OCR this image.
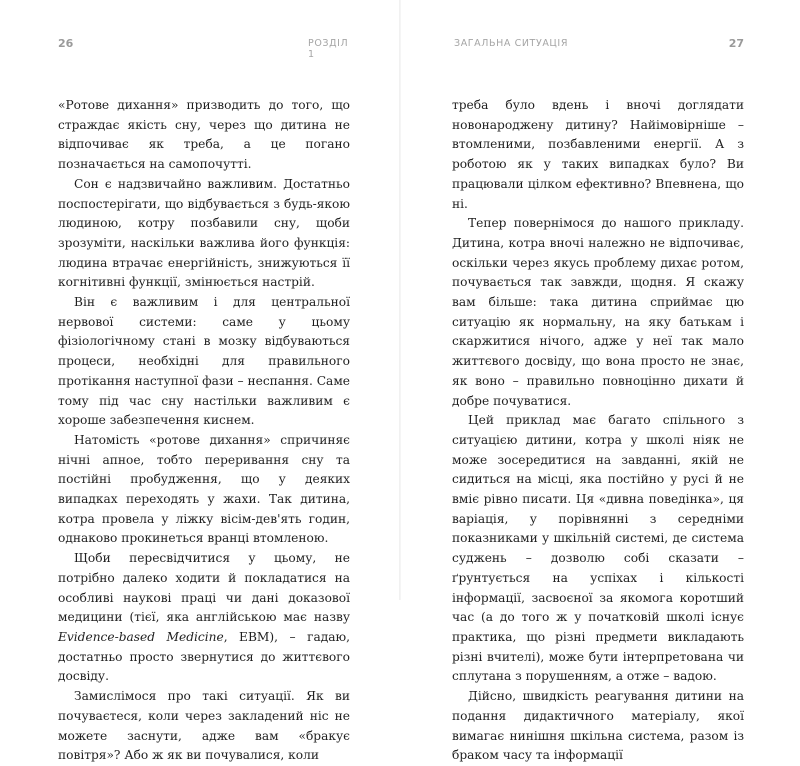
26	РОЗДІЛ 1

«Ротове дихання» призводить до того, що страждає якість сну, через що дитина не відпочиває як треба, а це погано позначається на самопочутті.

Сон є надзвичайно важливим. Достатньо поспостерігати, що відбувається з будь-якою людиною, котру позбавили сну, щоби зрозуміти, наскільки важлива його функція: людина втрачає енергійність, знижуються її когнітивні функції, змінюється настрій.

Він є важливим і для центральної нервової системи: саме у цьому фізіологічному стані в мозку відбуваються процеси, необхідні для правильного протікання наступної фази – неспання. Саме тому під час сну настільки важливим є хороше забезпечення киснем.

Натомість «ротове дихання» спричиняє нічні апное, тобто переривання сну та постійні пробудження, що у деяких випадках переходять у жахи. Так дитина, котра провела у ліжку вісім-дев'ять годин, однаково прокинеться вранці втомленою.

Щоби пересвідчитися у цьому, не потрібно далеко ходити й покладатися на особливі наукові праці чи дані доказової медицини (тієї, яка англійською має назву Evidence-based Medicine, EBM), – гадаю, достатньо просто звернутися до життєвого досвіду.

Замислімося про такі ситуації. Як ви почуваєтеся, коли через закладений ніс не можете заснути, адже вам «бракує повітря»? Або ж як ви почувалися, коли

ЗАГАЛЬНА СИТУАЦІЯ	27

треба було вдень і вночі доглядати новонароджену дитину? Найімовірніше – втомленими, позбавленими енергії. А з роботою як у таких випадках було? Ви працювали цілком ефективно? Впевнена, що ні.

Тепер повернімося до нашого прикладу. Дитина, котра вночі належно не відпочиває, оскільки через якусь проблему дихає ротом, почувається так завжди, щодня. Я скажу вам більше: така дитина сприймає цю ситуацію як нормальну, на яку батькам і скаржитися нічого, адже у неї так мало життєвого досвіду, що вона просто не знає, як воно – правильно повноцінно дихати й добре почуватися.

Цей приклад має багато спільного з ситуацією дитини, котра у школі ніяк не може зосередитися на завданні, якій не сидиться на місці, яка постійно у русі й не вміє рівно писати. Ця «дивна поведінка», ця варіація, у порівнянні з середніми показниками у шкільній системі, де система суджень – дозволю собі сказати – ґрунтується на успіхах і кількості інформації, засвоєної за якомога коротший час (а до того ж у початковій школі існує практика, що різні предмети викладають різні вчителі), може бути інтерпретована чи сплутана з порушенням, а отже – вадою.

Дійсно, швидкість реагування дитини на подання дидактичного матеріалу, якої вимагає нинішня шкільна система, разом із браком часу та інформації
